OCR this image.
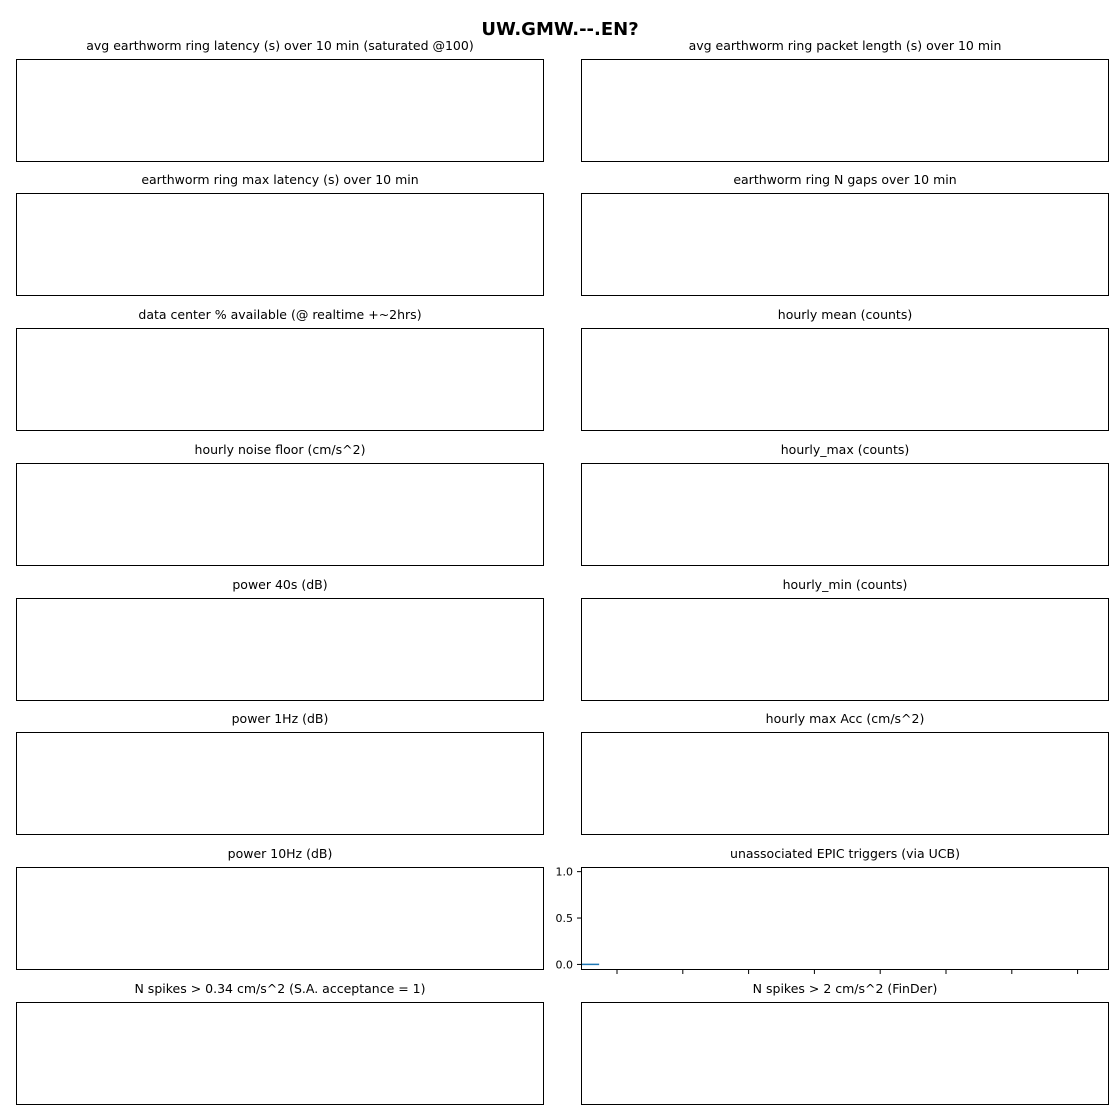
UW.GMW.--.EN?
avg earthworm ring latency (s) over 10 min (saturated @100)	avg earthworm ring packet length (s) over 10 min
earthworm ring max latency (s) over 10 min	earthworm ring N gaps over 10 min
data center % available (@ realtime +~2hrs)	hourly mean (counts)
hourly noise floor (cm/s^2)	hourly_max (counts)
power 40s (dB)	hourly_min (counts)
power 1Hz (dB)	hourly max Acc (cm/s^2)
power 10Hz (dB)	unassociated EPIC triggers (via UCB)
0.0
0.5
1.0
N spikes > 0.34 cm/s^2 (S.A. acceptance = 1)	N spikes > 2 cm/s^2 (FinDer)
